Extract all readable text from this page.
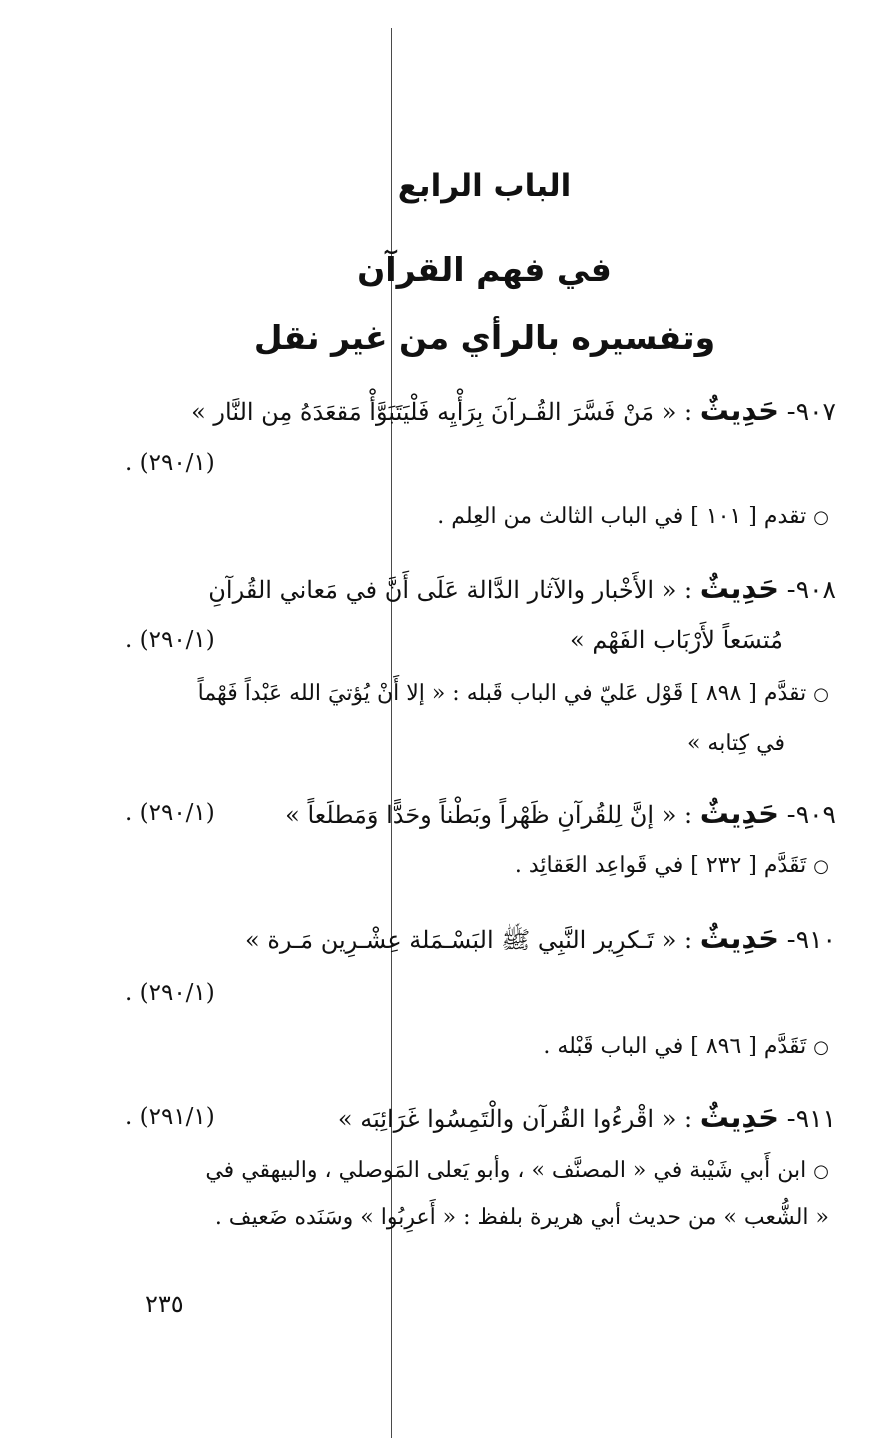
الباب الرابع
في فهم القرآن
وتفسيره بالرأي من غير نقل
٩٠٧- حَدِيثٌ : « مَنْ فَسَّرَ القُـرآنَ بِرَأْيِه فَلْيَتَبَوَّأْ مَقعَدَهُ مِن النَّار »
(٢٩٠/١) .
○ تقدم [ ١٠١ ] في الباب الثالث من العِلم .
٩٠٨- حَدِيثٌ : « الأَخْبار والآثار الدَّالة عَلَى أَنَّ في مَعاني القُرآنِ
مُتسَعاً لأَرْبَاب الفَهْم »
(٢٩٠/١) .
○ تقدَّم [ ٨٩٨ ] قَوْل عَليّ في الباب قَبله : « إلا أَنْ يُؤتيَ الله عَبْداً فَهْماً
في كِتابه »
٩٠٩- حَدِيثٌ : « إنَّ لِلقُرآنِ ظَهْراً وبَطْناً وحَدًّا وَمَطلَعاً »
(٢٩٠/١) .
○ تَقَدَّم [ ٢٣٢ ] في قَواعِد العَقائِد .
٩١٠- حَدِيثٌ : « تَـكرِير النَّبِي ﷺ البَسْـمَلة عِشْـرِين مَـرة »
(٢٩٠/١) .
○ تَقَدَّم [ ٨٩٦ ] في الباب قَبْله .
٩١١- حَدِيثٌ : « اقْرءُوا القُرآن والْتَمِسُوا غَرَائِبَه »
(٢٩١/١) .
○ ابن أَبي شَيْبة في « المصنَّف » ، وأبو يَعلى المَوصلي ، والبيهقي في
« الشُّعب » من حديث أبي هريرة بلفظ : « أَعرِبُوا » وسَنَده ضَعيف .
٢٣٥
